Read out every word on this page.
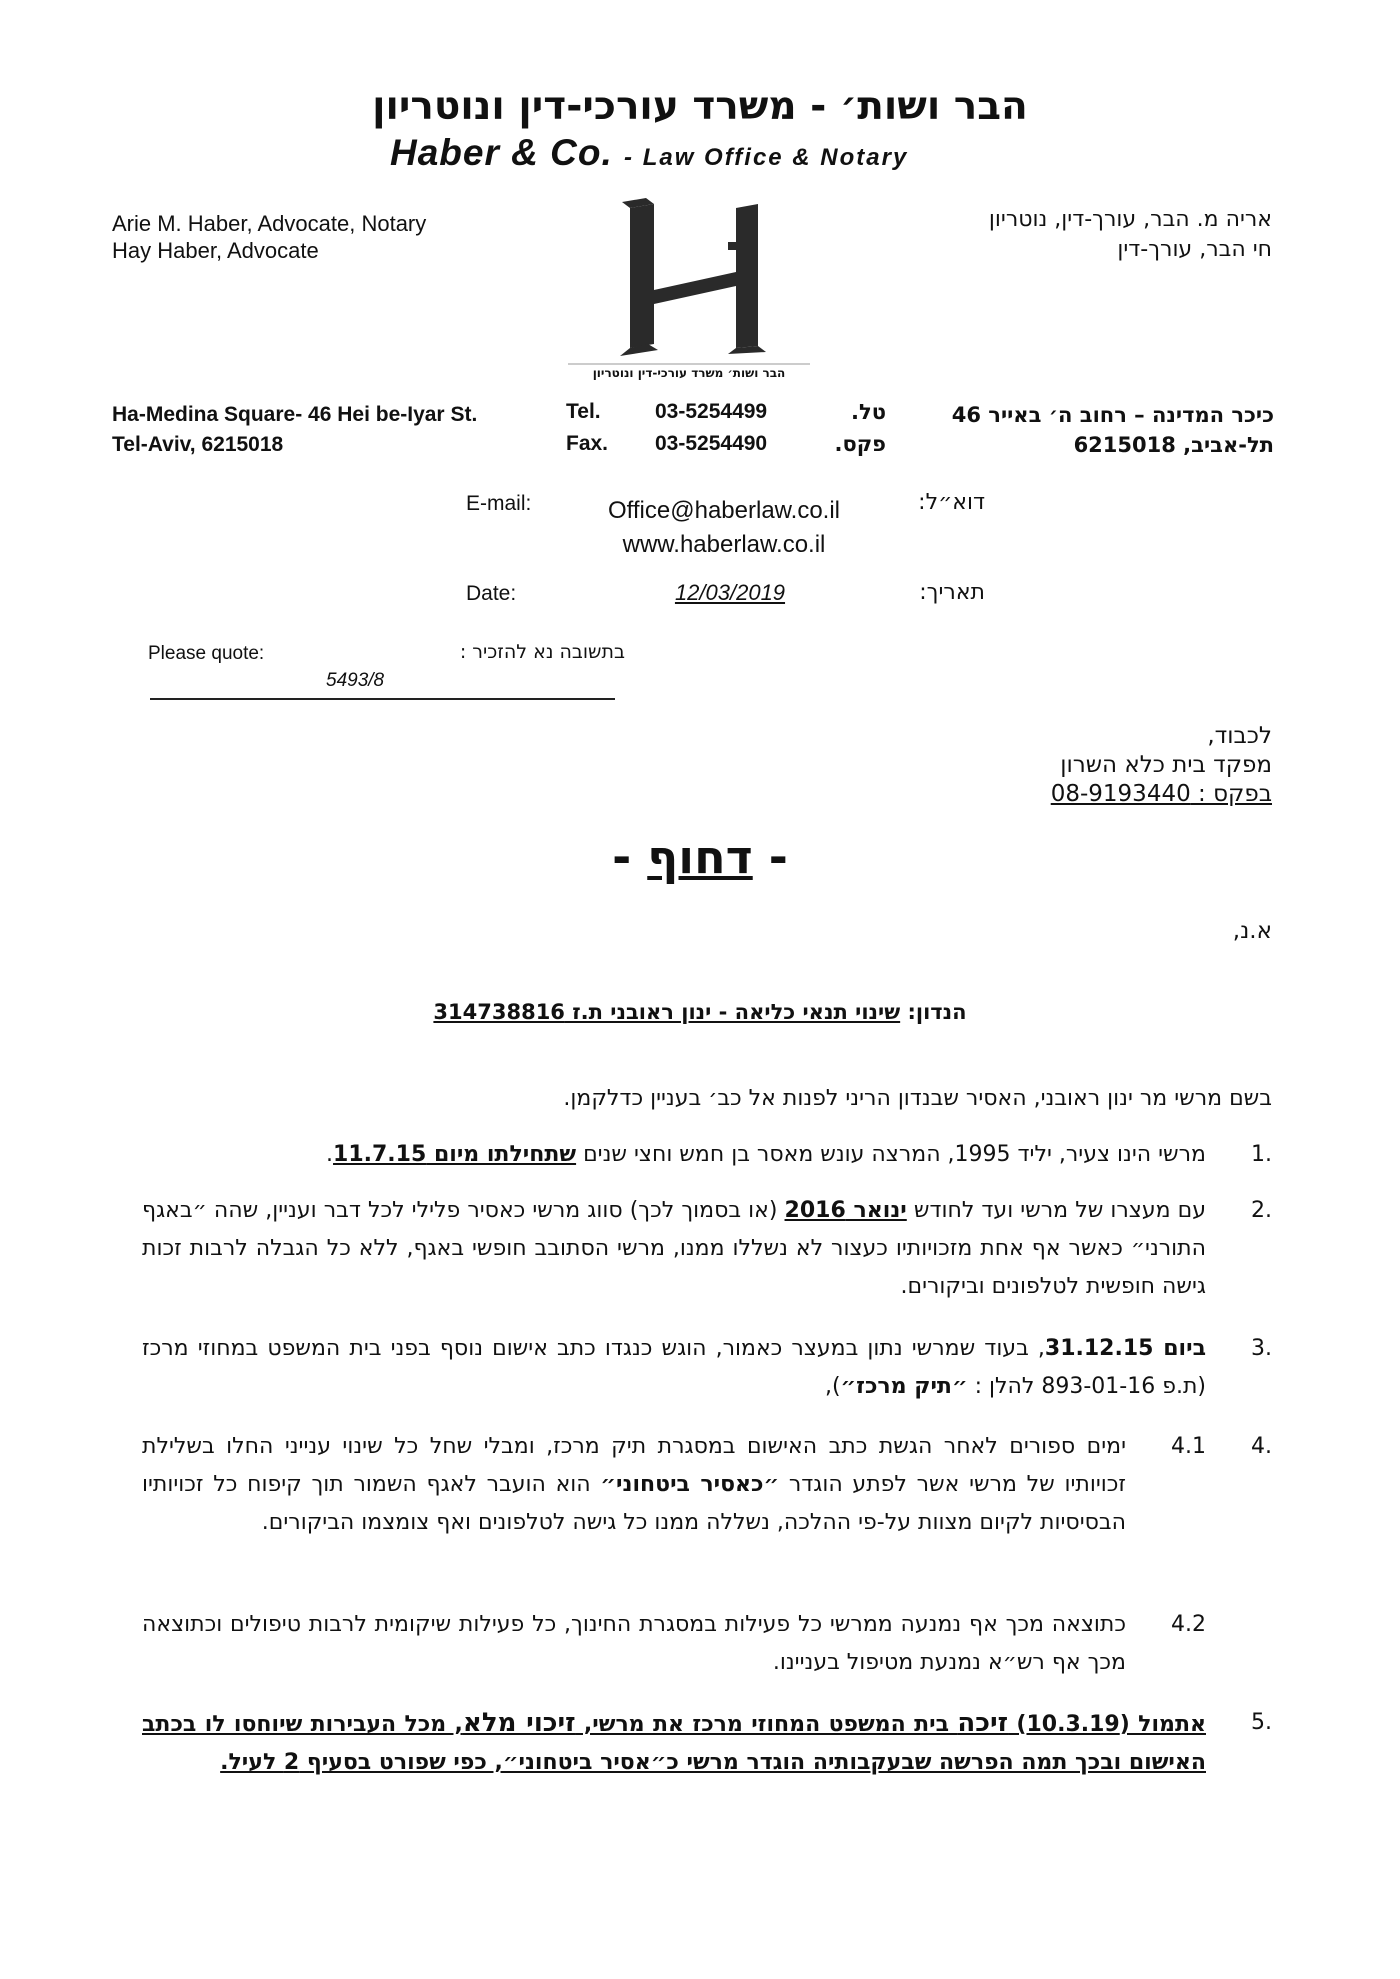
הבר ושות׳ - משרד עורכי-דין ונוטריון
Haber & Co. - Law Office & Notary
Arie M. Haber, Advocate, Notary
Hay Haber, Advocate
אריה מ. הבר, עורך-דין, נוטריון
חי הבר, עורך-דין
הבר ושות׳ משרד עורכי-דין ונוטריון
Ha-Medina Square- 46 Hei be-Iyar St.
Tel-Aviv, 6215018
כיכר המדינה – רחוב ה׳ באייר 46
תל-אביב, 6215018
Tel.	03-5254499	טל.
Fax. 03-5254490	פקס.
E-mail:	Office@haberlaw.co.il
www.haberlaw.co.il
:דוא״ל
Date:	12/03/2019	:תאריך
Please quote:	בתשובה נא להזכיר :
5493/8
לכבוד,
מפקד בית כלא השרון
בפקס : 08-9193440
- דחוף -
א.נ,
הנדון: שינוי תנאי כליאה - ינון ראובני ת.ז 314738816
בשם מרשי מר ינון ראובני, האסיר שבנדון הריני לפנות אל כב׳ בעניין כדלקמן.
.1
מרשי הינו צעיר, יליד 1995, המרצה עונש מאסר בן חמש וחצי שנים שתחילתו מיום 11.7.15.
.2
עם מעצרו של מרשי ועד לחודש ינואר 2016 (או בסמוך לכך) סווג מרשי כאסיר פלילי לכל דבר ועניין, שהה ״באגף התורני״ כאשר אף אחת מזכויותיו כעצור לא נשללו ממנו, מרשי הסתובב חופשי באגף, ללא כל הגבלה לרבות זכות גישה חופשית לטלפונים וביקורים.
.3
ביום 31.12.15, בעוד שמרשי נתון במעצר כאמור, הוגש כנגדו כתב אישום נוסף בפני בית המשפט במחוזי מרכז (ת.פ 893-01-16 להלן : ״תיק מרכז״),
.4
4.1
ימים ספורים לאחר הגשת כתב האישום במסגרת תיק מרכז, ומבלי שחל כל שינוי ענייני החלו בשלילת זכויותיו של מרשי אשר לפתע הוגדר ״כאסיר ביטחוני״ הוא הועבר לאגף השמור תוך קיפוח כל זכויותיו הבסיסיות לקיום מצוות על-פי ההלכה, נשללה ממנו כל גישה לטלפונים ואף צומצמו הביקורים.
4.2
כתוצאה מכך אף נמנעה ממרשי כל פעילות במסגרת החינוך, כל פעילות שיקומית לרבות טיפולים וכתוצאה מכך אף רש״א נמנעת מטיפול בעניינו.
.5
אתמול (10.3.19) זיכה בית המשפט המחוזי מרכז את מרשי, זיכוי מלא, מכל העבירות שיוחסו לו בכתב האישום ובכך תמה הפרשה שבעקבותיה הוגדר מרשי כ״אסיר ביטחוני״, כפי שפורט בסעיף 2 לעיל.
